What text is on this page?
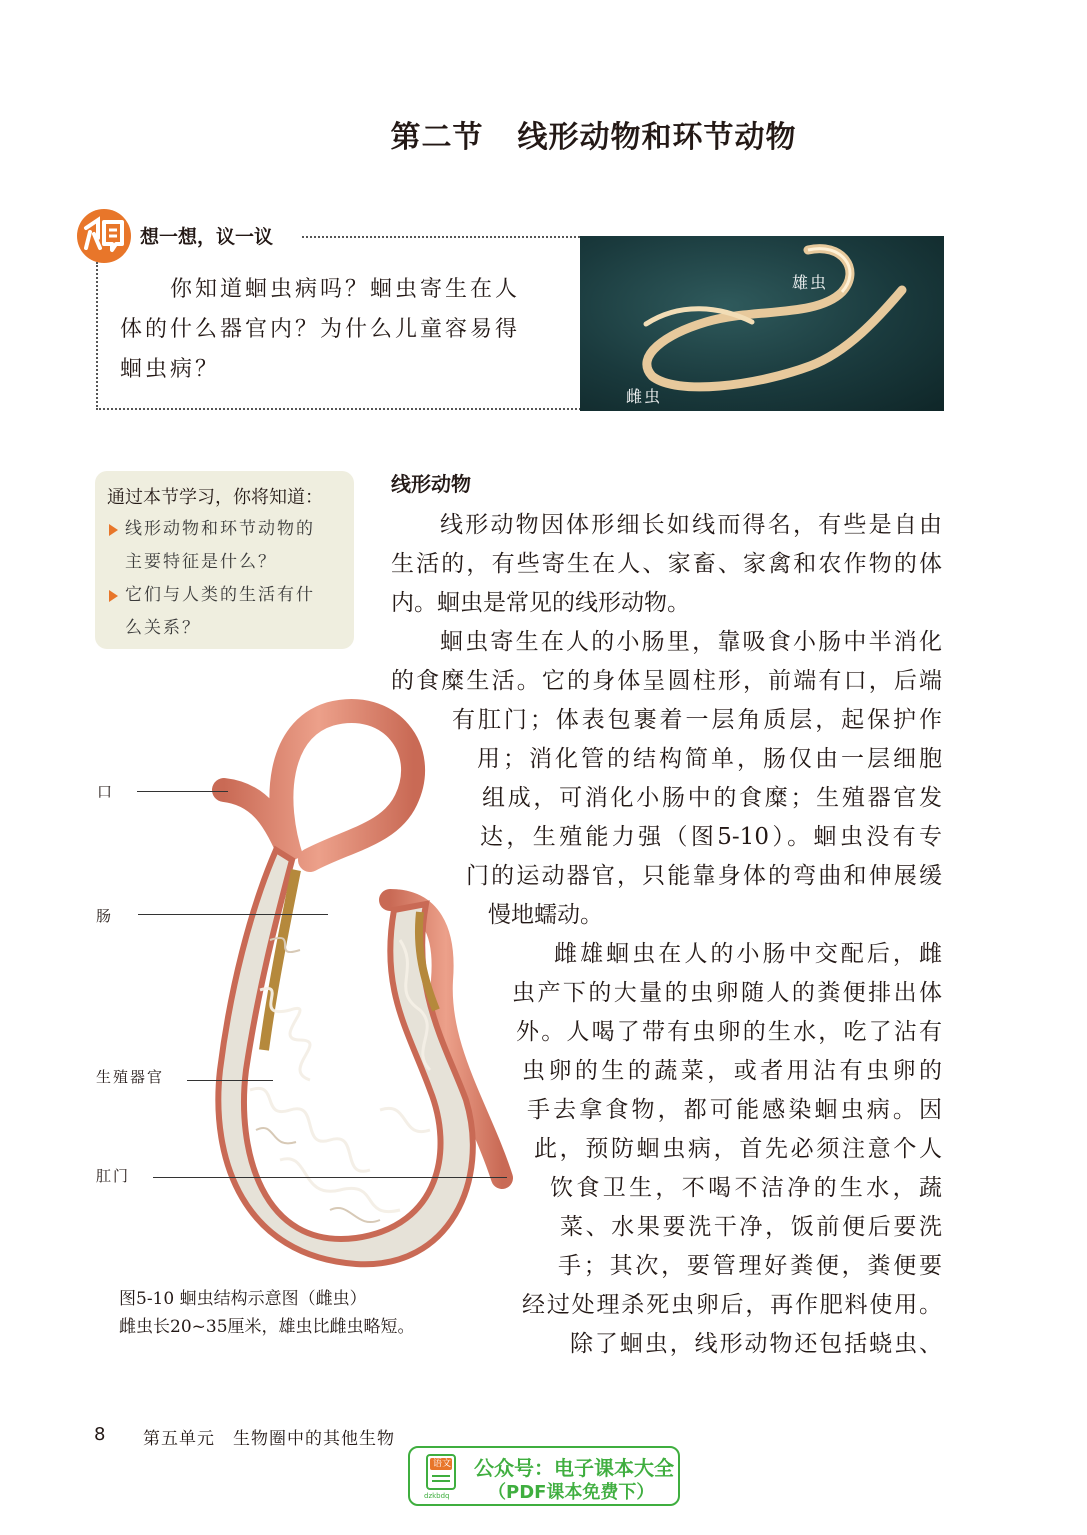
第二节 线形动物和环节动物
想一想，议一议
你知道蛔虫病吗？蛔虫寄生在人
体的什么器官内？为什么儿童容易得
蛔虫病？
雄虫
雌虫
通过本节学习，你将知道：
线形动物和环节动物的
主要特征是什么？
它们与人类的生活有什
么关系？
线形动物
线形动物因体形细长如线而得名，有些是自由
生活的，有些寄生在人、家畜、家禽和农作物的体
内。蛔虫是常见的线形动物。
蛔虫寄生在人的小肠里，靠吸食小肠中半消化
的食糜生活。它的身体呈圆柱形，前端有口，后端
有肛门；体表包裹着一层角质层，起保护作
用；消化管的结构简单，肠仅由一层细胞
组成，可消化小肠中的食糜；生殖器官发
达，生殖能力强（图5-10）。蛔虫没有专
门的运动器官，只能靠身体的弯曲和伸展缓
慢地蠕动。
雌雄蛔虫在人的小肠中交配后，雌
虫产下的大量的虫卵随人的粪便排出体
外。人喝了带有虫卵的生水，吃了沾有
虫卵的生的蔬菜，或者用沾有虫卵的
手去拿食物，都可能感染蛔虫病。因
此，预防蛔虫病，首先必须注意个人
饮食卫生，不喝不洁净的生水，蔬
菜、水果要洗干净，饭前便后要洗
手；其次，要管理好粪便，粪便要
经过处理杀死虫卵后，再作肥料使用。
除了蛔虫，线形动物还包括蛲虫、
口
肠
生殖器官
肛门
图5-10 蛔虫结构示意图（雌虫）
雌虫长20~35厘米，雄虫比雌虫略短。
8 第五单元　生物圈中的其他生物
语文
dzkbdq
公众号：电子课本大全
（PDF课本免费下）
